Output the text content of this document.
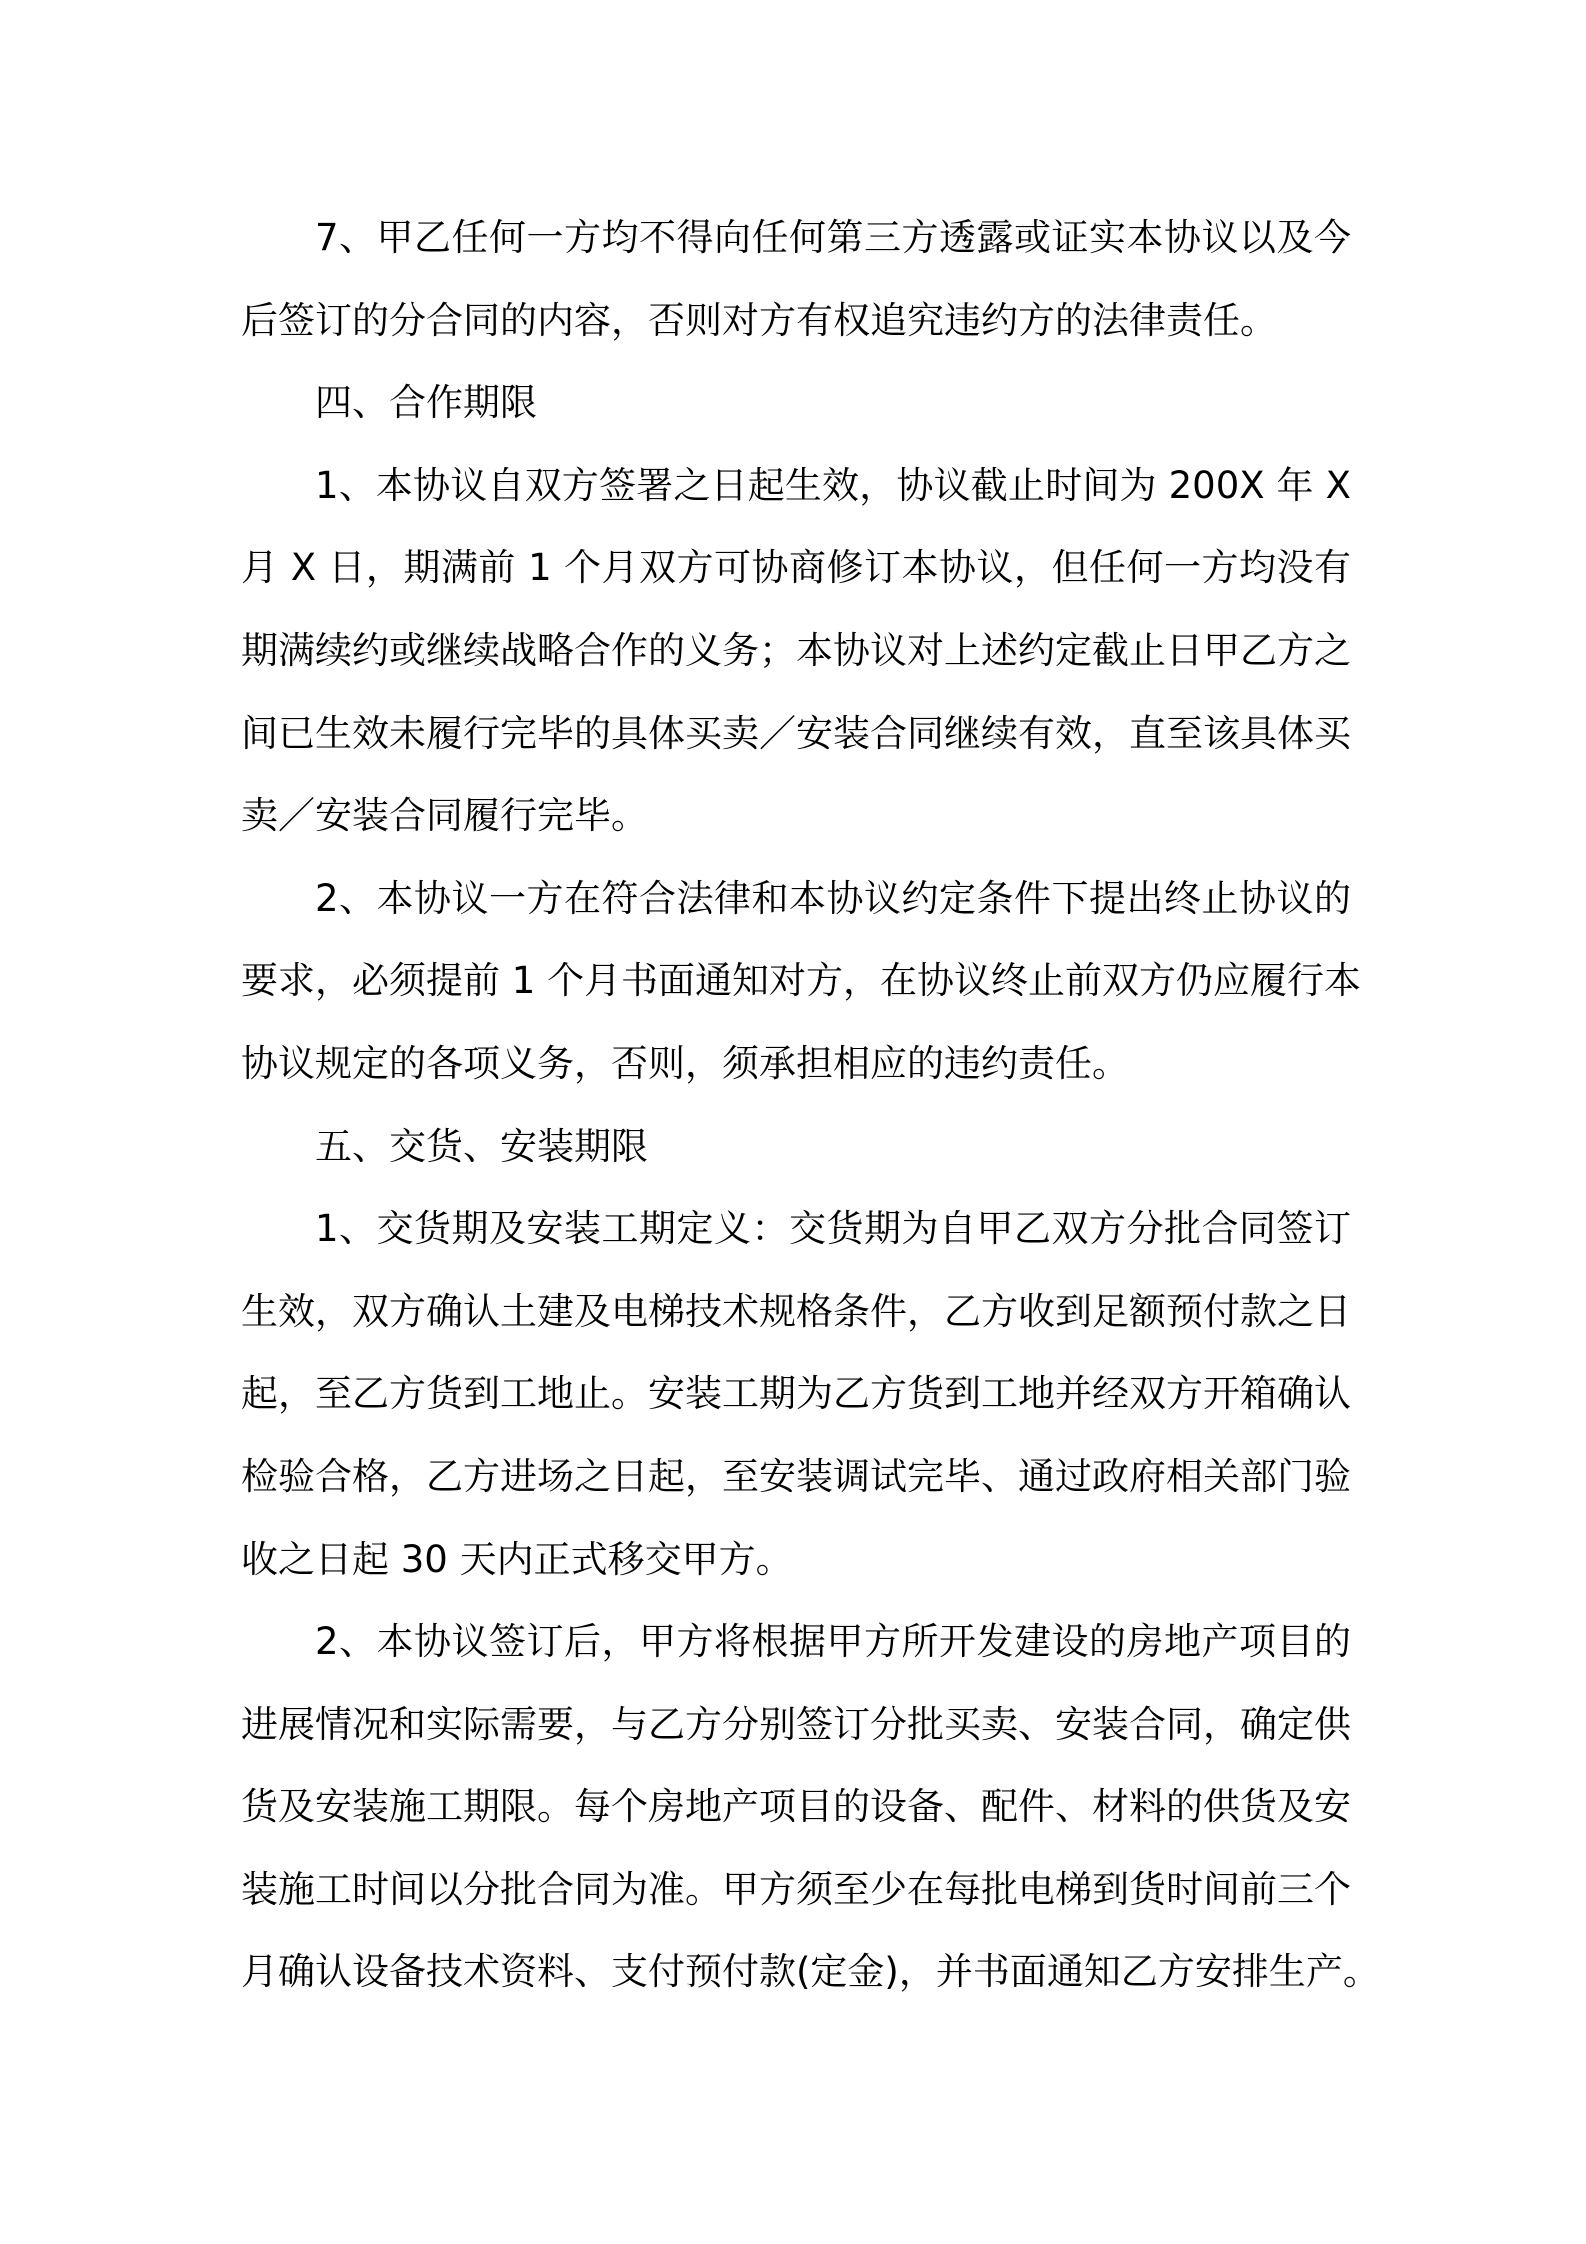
7、甲乙任何一方均不得向任何第三方透露或证实本协议以及今
后签订的分合同的内容，否则对方有权追究违约方的法律责任。
四、合作期限
1、本协议自双方签署之日起生效，协议截止时间为 200X 年 X
月 X 日，期满前 1 个月双方可协商修订本协议，但任何一方均没有
期满续约或继续战略合作的义务；本协议对上述约定截止日甲乙方之
间已生效未履行完毕的具体买卖／安装合同继续有效，直至该具体买
卖／安装合同履行完毕。
2、本协议一方在符合法律和本协议约定条件下提出终止协议的
要求，必须提前 1 个月书面通知对方，在协议终止前双方仍应履行本
协议规定的各项义务，否则，须承担相应的违约责任。
五、交货、安装期限
1、交货期及安装工期定义：交货期为自甲乙双方分批合同签订
生效，双方确认土建及电梯技术规格条件，乙方收到足额预付款之日
起，至乙方货到工地止。安装工期为乙方货到工地并经双方开箱确认
检验合格，乙方进场之日起，至安装调试完毕、通过政府相关部门验
收之日起 30 天内正式移交甲方。
2、本协议签订后，甲方将根据甲方所开发建设的房地产项目的
进展情况和实际需要，与乙方分别签订分批买卖、安装合同，确定供
货及安装施工期限。每个房地产项目的设备、配件、材料的供货及安
装施工时间以分批合同为准。甲方须至少在每批电梯到货时间前三个
月确认设备技术资料、支付预付款(定金)，并书面通知乙方安排生产。
